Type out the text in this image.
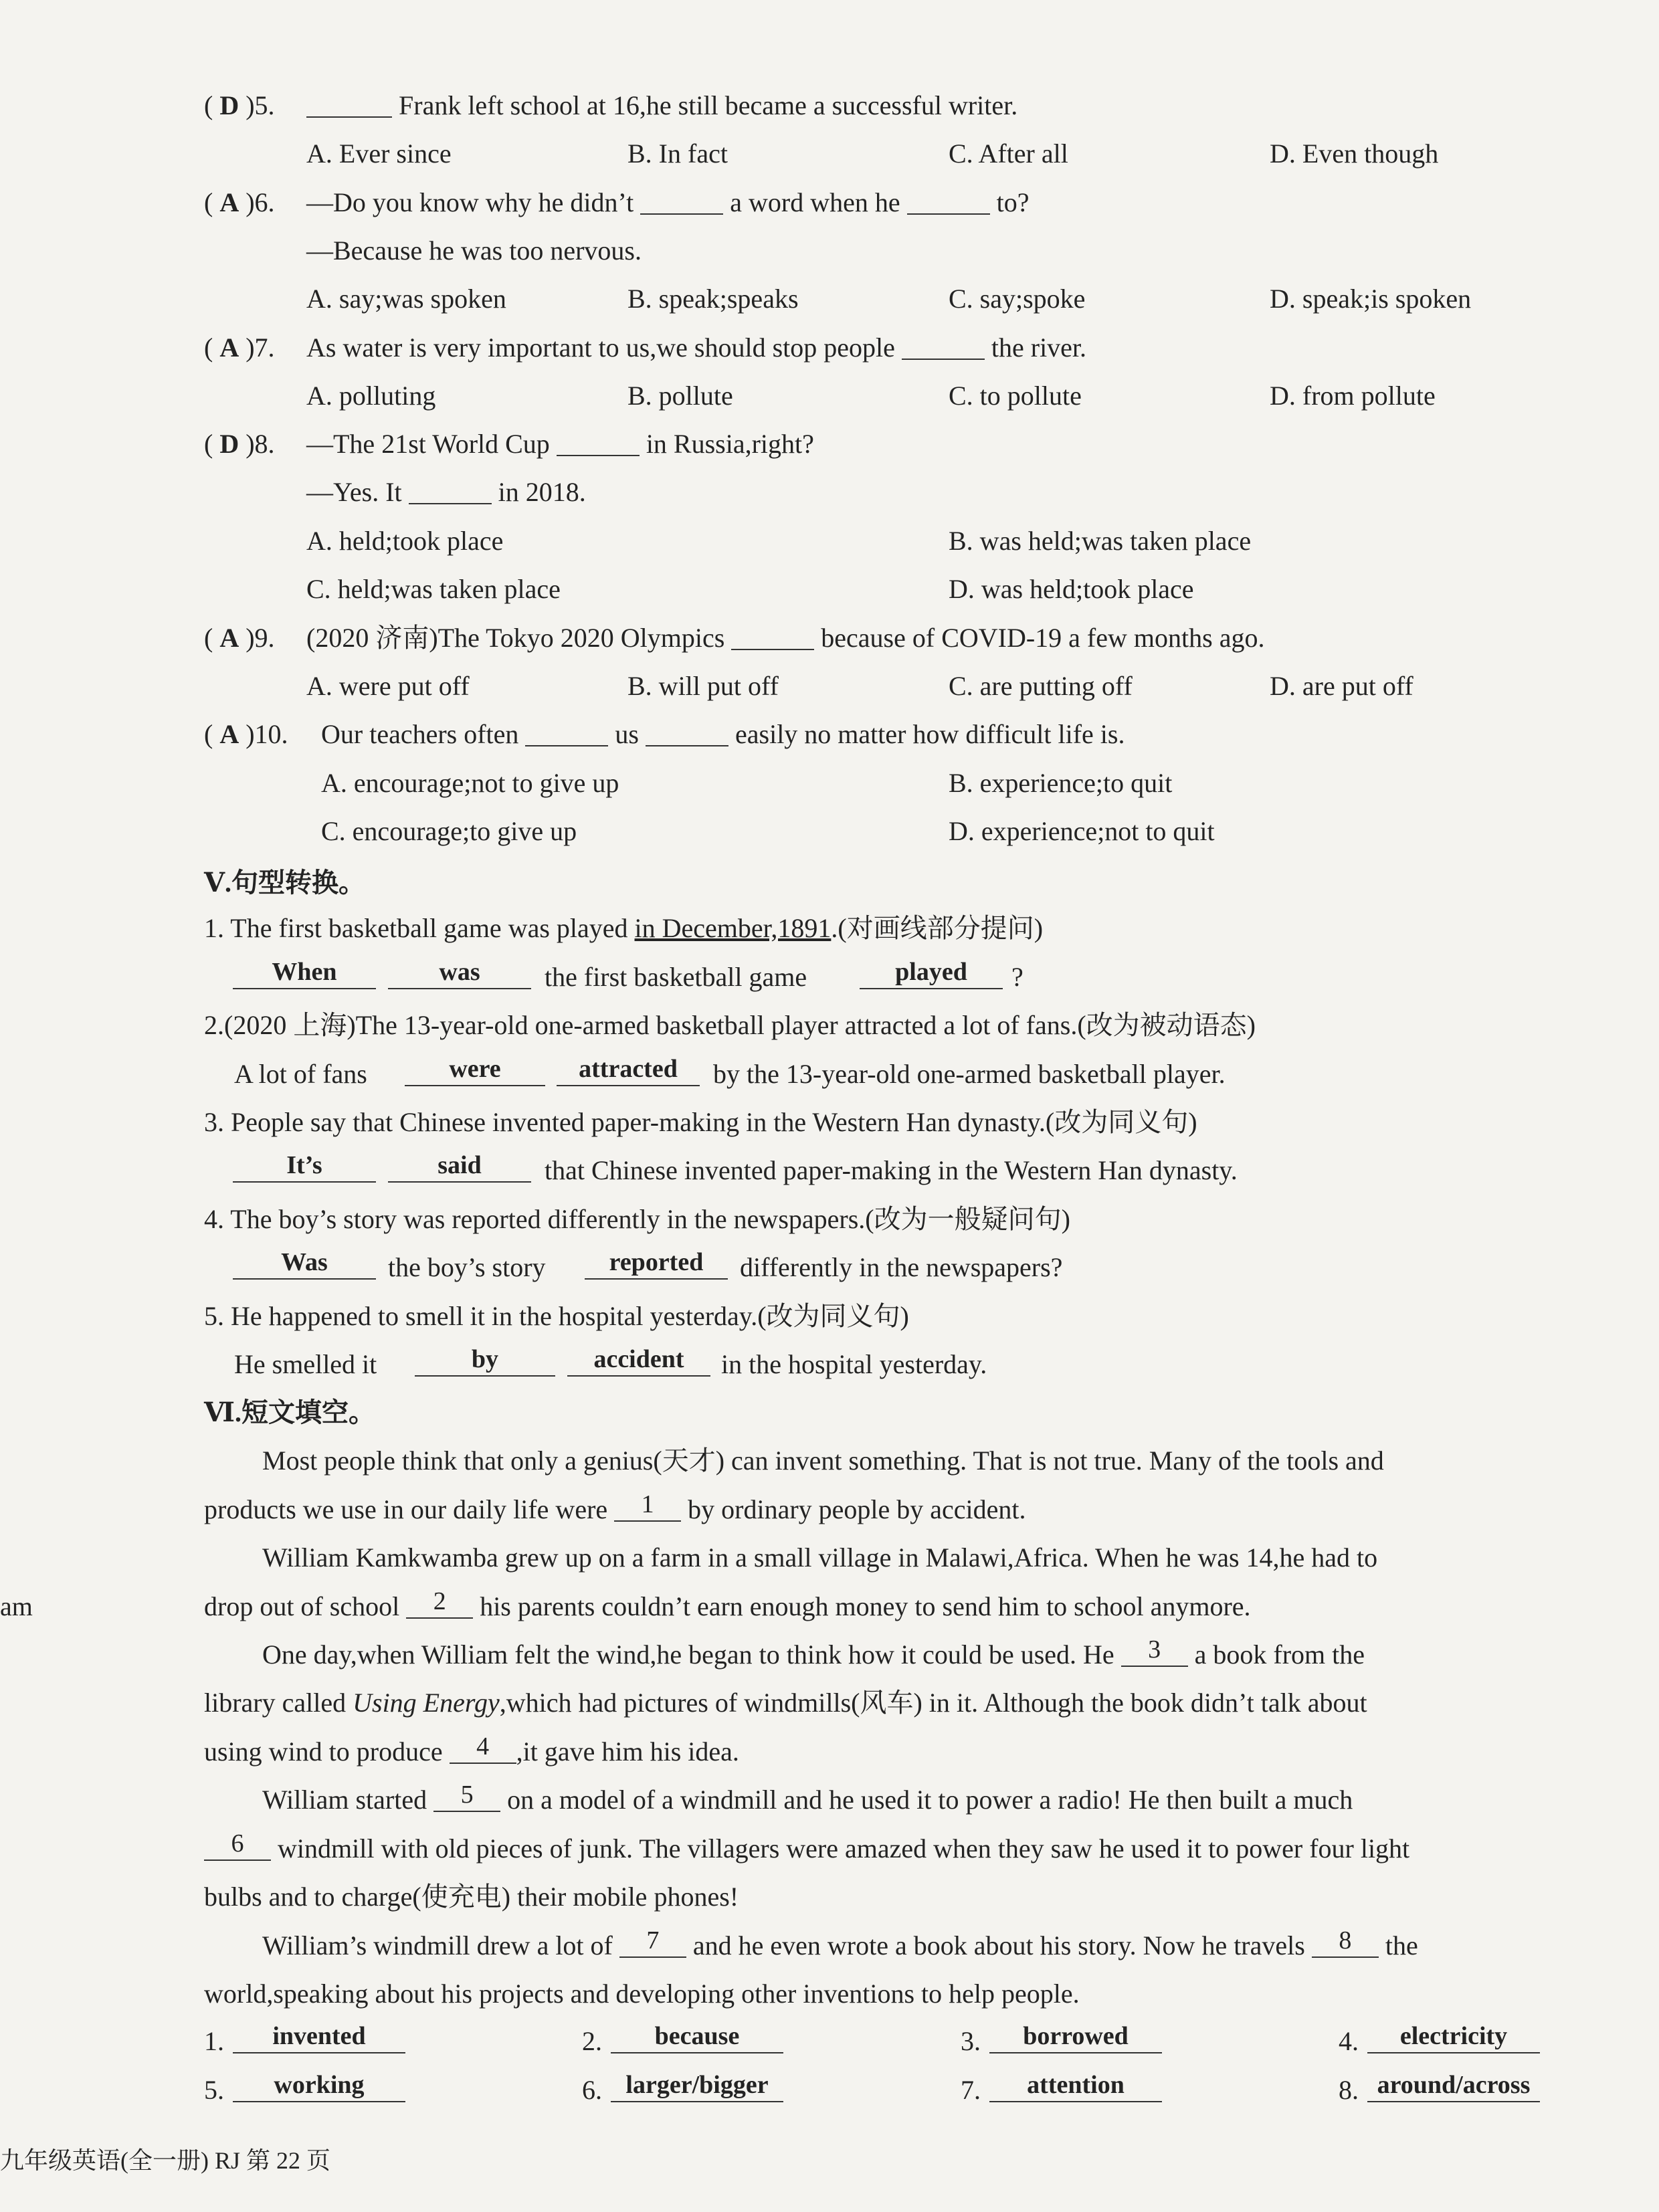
( D )5.	Frank left school at 16,he still became a successful writer.
A. Ever since	B. In fact	C. After all	D. Even though
( A )6. —Do you know why he didn’t	a word when he	to?
—Because he was too nervous.
A. say;was spoken	B. speak;speaks	C. say;spoke	D. speak;is spoken
( A )7. As water is very important to us,we should stop people	the river.
A. polluting	B. pollute	C. to pollute	D. from pollute
( D )8. —The 21st World Cup	in Russia,right?
—Yes. It	in 2018.
A. held;took place	B. was held;was taken place
C. held;was taken place	D. was held;took place
( A )9. (2020 济南)The Tokyo 2020 Olympics	because of COVID-19 a few months ago.
A. were put off	B. will put off	C. are putting off	D. are put off
( A )10. Our teachers often	us	easily no matter how difficult life is.
A. encourage;not to give up	B. experience;to quit
C. encourage;to give up	D. experience;not to quit
Ⅴ.句型转换。
1. The first basketball game was played in December,1891.(对画线部分提问)
When	was	the first basketball game	played	?
2.(2020 上海)The 13-year-old one-armed basketball player attracted a lot of fans.(改为被动语态)
A lot of fans	were	attracted	by the 13-year-old one-armed basketball player.
3. People say that Chinese invented paper-making in the Western Han dynasty.(改为同义句)
It’s	said	that Chinese invented paper-making in the Western Han dynasty.
4. The boy’s story was reported differently in the newspapers.(改为一般疑问句)
Was	the boy’s story	reported	differently in the newspapers?
5. He happened to smell it in the hospital yesterday.(改为同义句)
He smelled it	by	accident	in the hospital yesterday.
Ⅵ.短文填空。
Most people think that only a genius(天才) can invent something. That is not true. Many of the tools and
products we use in our daily life were 1 by ordinary people by accident.
William Kamkwamba grew up on a farm in a small village in Malawi,Africa. When he was 14,he had to
drop out of school 2 his parents couldn’t earn enough money to send him to school anymore.
One day,when William felt the wind,he began to think how it could be used. He 3 a book from the
library called Using Energy,which had pictures of windmills(风车) in it. Although the book didn’t talk about
using wind to produce 4 ,it gave him his idea.
William started 5 on a model of a windmill and he used it to power a radio! He then built a much
6 windmill with old pieces of junk. The villagers were amazed when they saw he used it to power four light
bulbs and to charge(使充电) their mobile phones!
William’s windmill drew a lot of 7 and he even wrote a book about his story. Now he travels 8 the
world,speaking about his projects and developing other inventions to help people.
1.	invented	2.	because	3.	borrowed	4.	electricity
5.	working	6. larger/bigger	7.	attention	8. around/across
am
九年级英语(全一册) RJ 第 22 页
